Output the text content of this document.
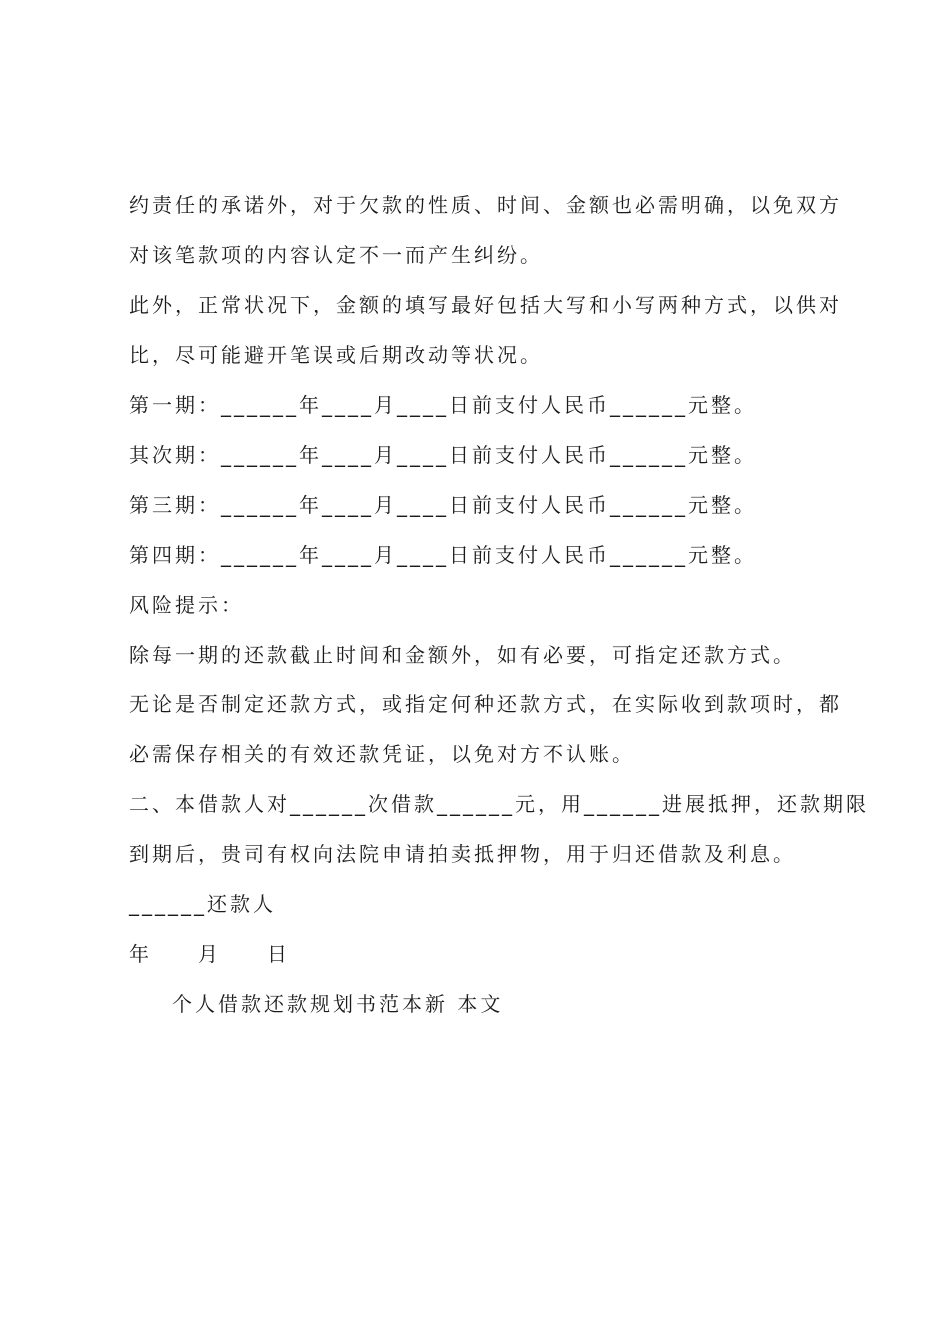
约责任的承诺外，对于欠款的性质、时间、金额也必需明确，以免双方
对该笔款项的内容认定不一而产生纠纷。
此外，正常状况下，金额的填写最好包括大写和小写两种方式，以供对
比，尽可能避开笔误或后期改动等状况。
第一期：______年____月____日前支付人民币______元整。
其次期：______年____月____日前支付人民币______元整。
第三期：______年____月____日前支付人民币______元整。
第四期：______年____月____日前支付人民币______元整。
风险提示：
除每一期的还款截止时间和金额外，如有必要，可指定还款方式。
无论是否制定还款方式，或指定何种还款方式，在实际收到款项时，都
必需保存相关的有效还款凭证，以免对方不认账。
二、本借款人对______次借款______元，用______进展抵押，还款期限
到期后，贵司有权向法院申请拍卖抵押物，用于归还借款及利息。
______还款人
年　　月　　日
个人借款还款规划书范本新 本文
